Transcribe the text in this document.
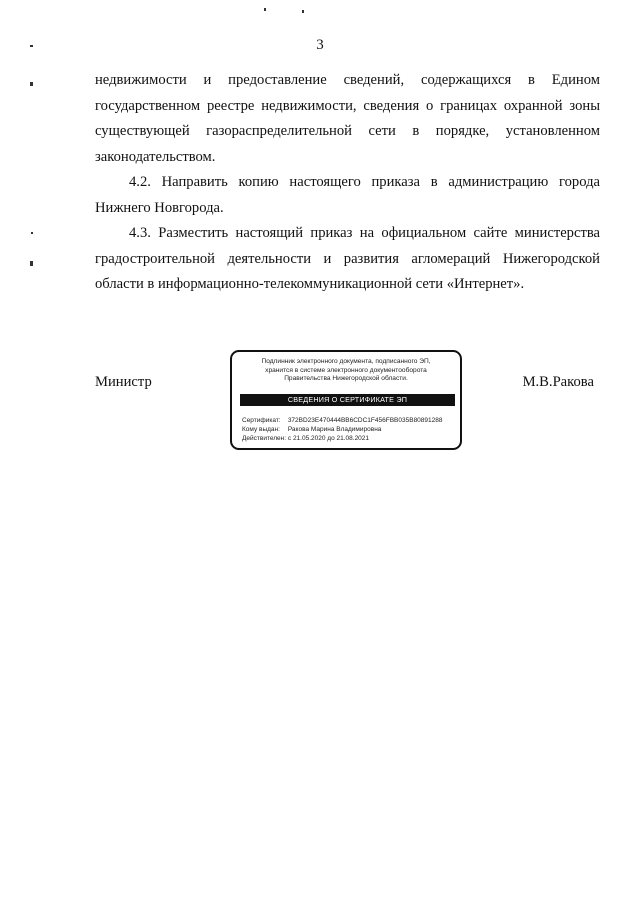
3
недвижимости и предоставление сведений, содержащихся в Едином
государственном реестре недвижимости, сведения о границах охранной зоны
существующей газораспределительной сети в порядке, установленном
законодательством.
4.2. Направить копию настоящего приказа в администрацию города
Нижнего Новгорода.
4.3. Разместить настоящий приказ на официальном сайте министерства
градостроительной деятельности и развития агломераций Нижегородской
области в информационно-телекоммуникационной сети «Интернет».
Министр
Подлинник электронного документа, подписанного ЭП,
хранится в системе электронного документооборота
Правительства Нижегородской области.
СВЕДЕНИЯ О СЕРТИФИКАТЕ ЭП
Сертификат: 372BD23E470444BB6CDC1F456FBB035B80891288
Кому выдан: Ракова Марина Владимировна
Действителен: с 21.05.2020 до 21.08.2021
М.В.Ракова
